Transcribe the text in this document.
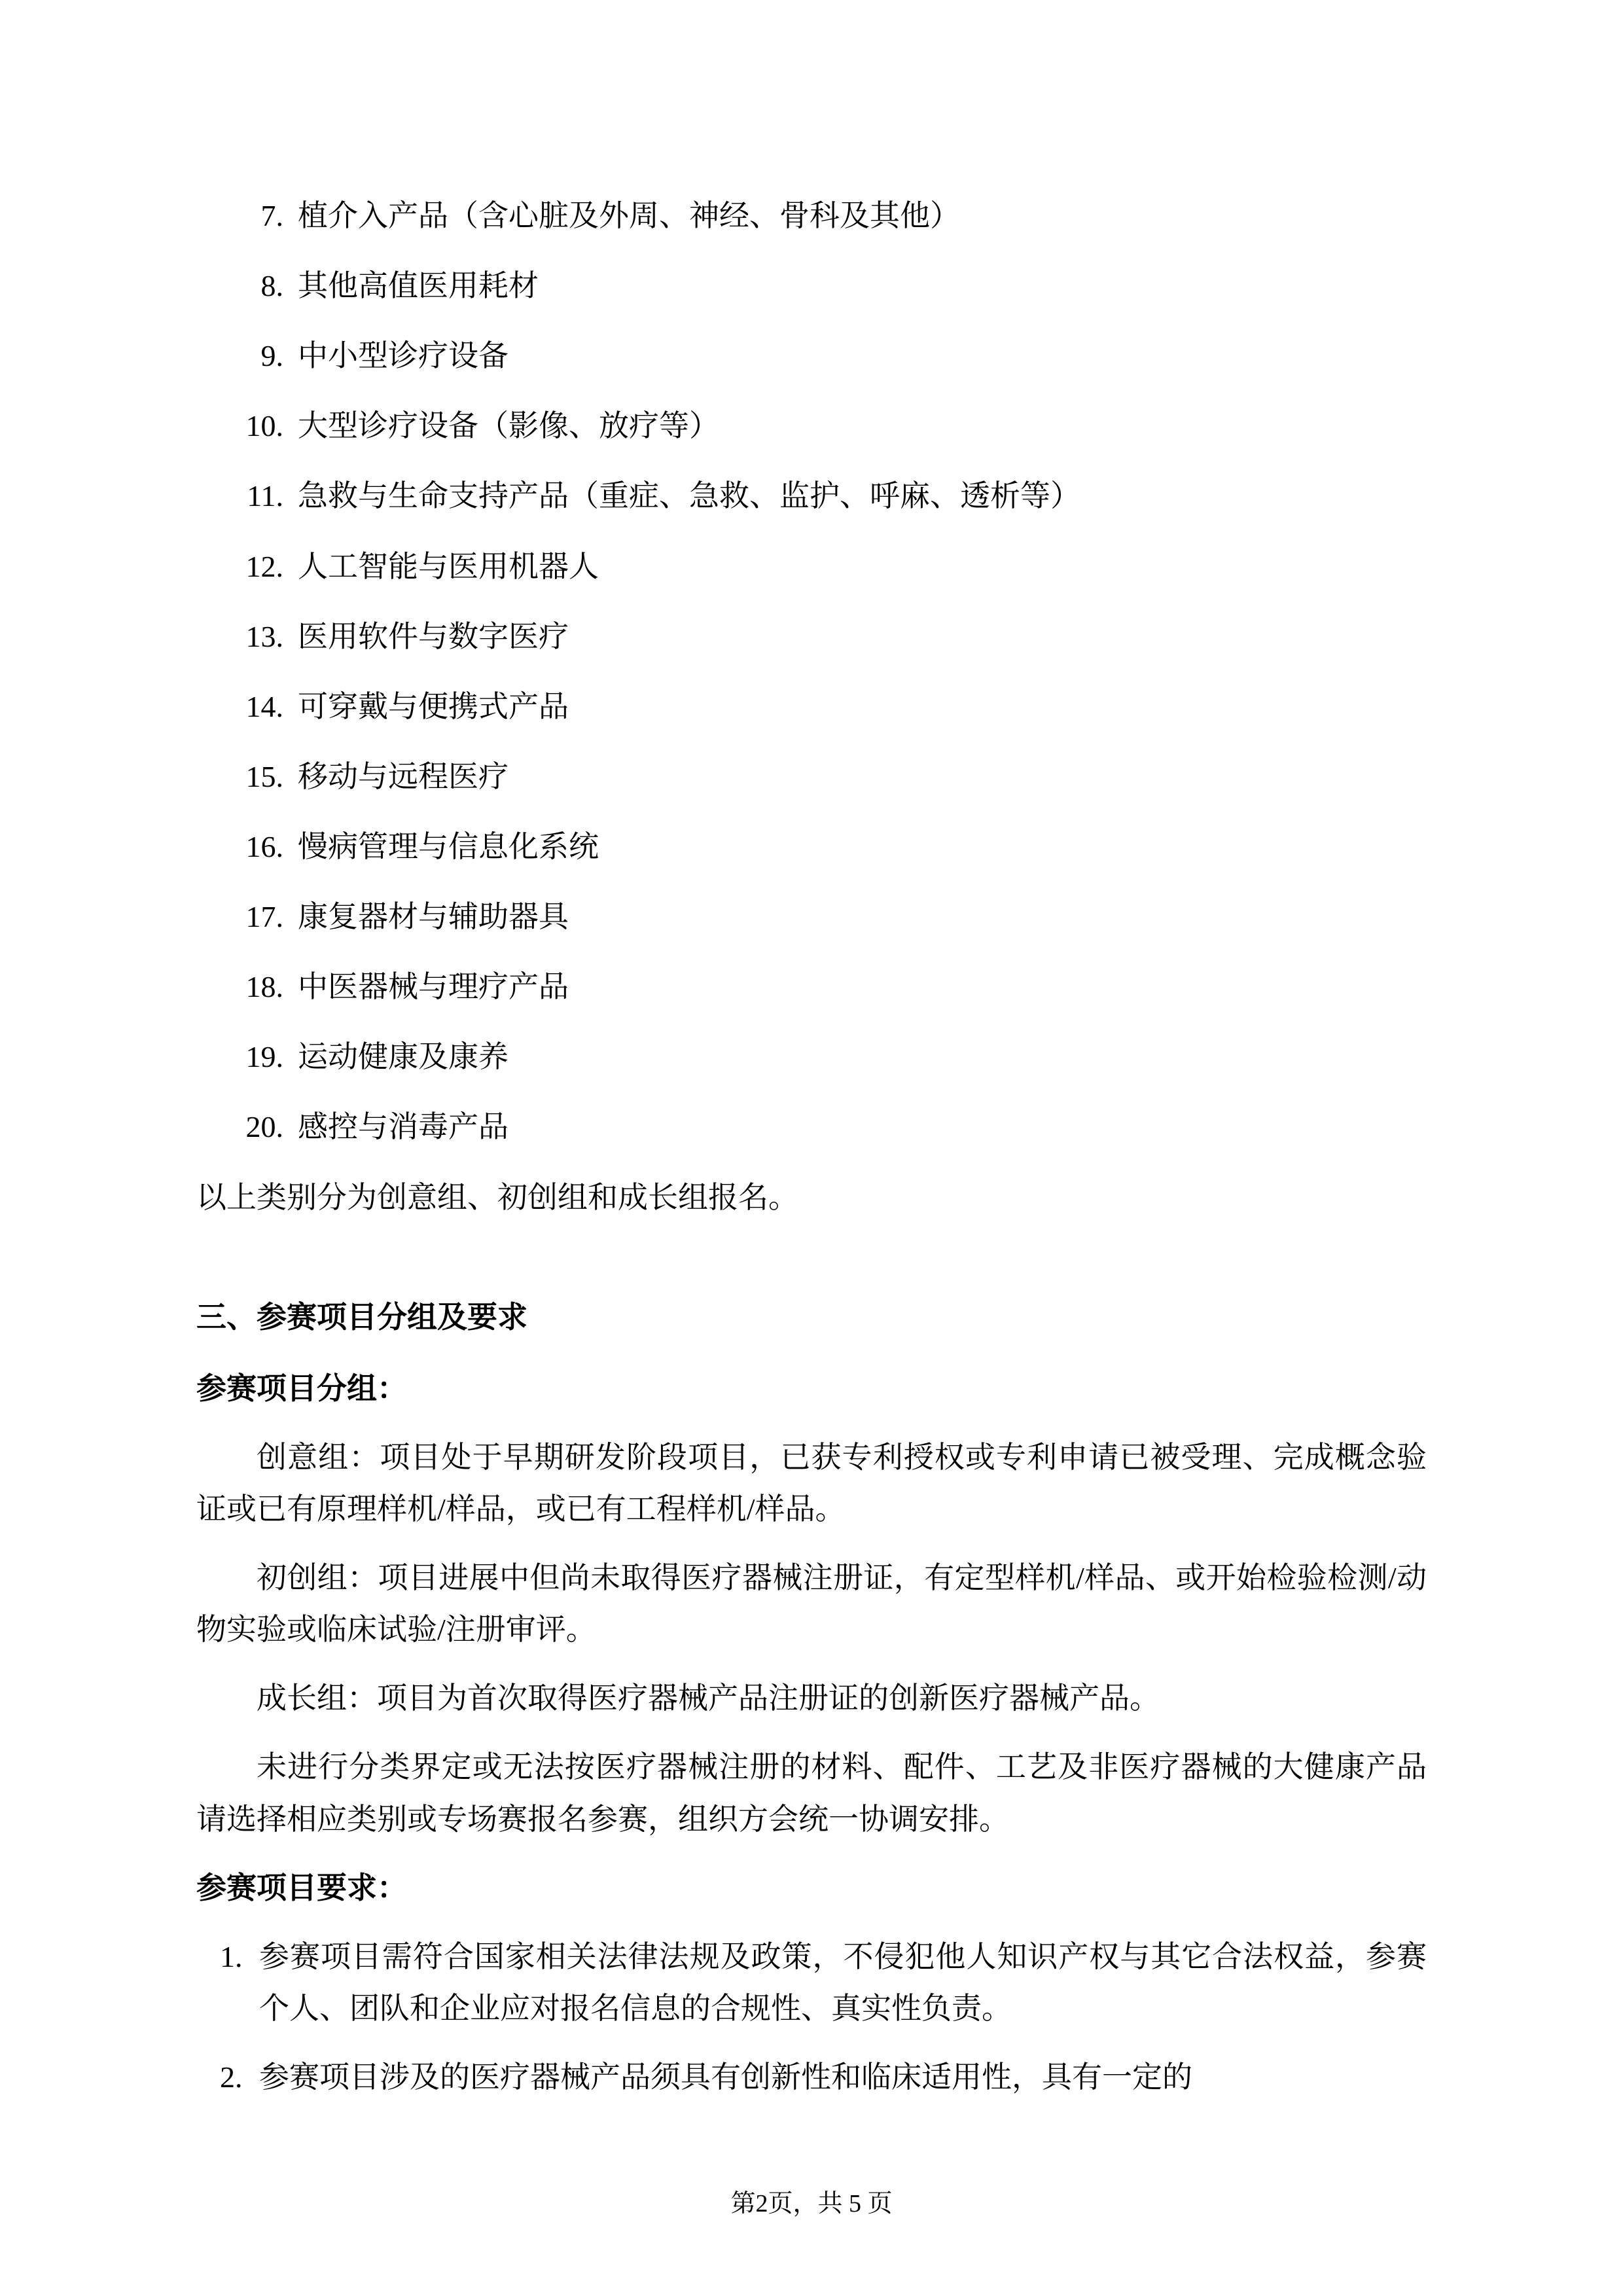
7. 植介入产品（含心脏及外周、神经、骨科及其他）
8. 其他高值医用耗材
9. 中小型诊疗设备
10. 大型诊疗设备（影像、放疗等）
11. 急救与生命支持产品（重症、急救、监护、呼麻、透析等）
12. 人工智能与医用机器人
13. 医用软件与数字医疗
14. 可穿戴与便携式产品
15. 移动与远程医疗
16. 慢病管理与信息化系统
17. 康复器材与辅助器具
18. 中医器械与理疗产品
19. 运动健康及康养
20. 感控与消毒产品
以上类别分为创意组、初创组和成长组报名。
三、参赛项目分组及要求
参赛项目分组：
创意组：项目处于早期研发阶段项目，已获专利授权或专利申请已被受理、完成概念验证或已有原理样机/样品，或已有工程样机/样品。
初创组：项目进展中但尚未取得医疗器械注册证，有定型样机/样品、或开始检验检测/动物实验或临床试验/注册审评。
成长组：项目为首次取得医疗器械产品注册证的创新医疗器械产品。
未进行分类界定或无法按医疗器械注册的材料、配件、工艺及非医疗器械的大健康产品请选择相应类别或专场赛报名参赛，组织方会统一协调安排。
参赛项目要求：
1. 参赛项目需符合国家相关法律法规及政策，不侵犯他人知识产权与其它合法权益，参赛个人、团队和企业应对报名信息的合规性、真实性负责。
2. 参赛项目涉及的医疗器械产品须具有创新性和临床适用性，具有一定的
第2页，共 5 页
